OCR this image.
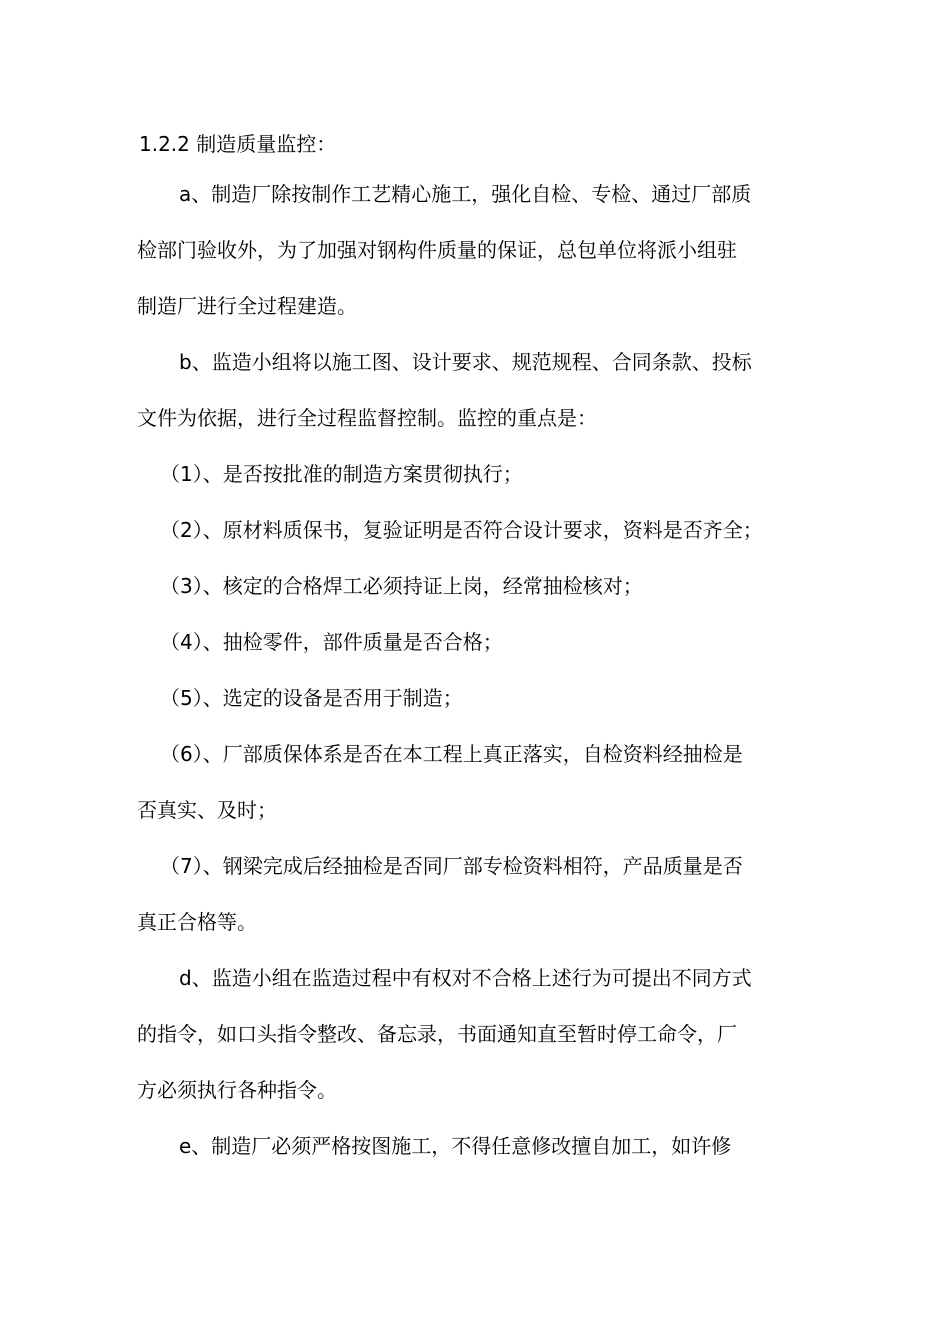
1.2.2 制造质量监控：
a、制造厂除按制作工艺精心施工，强化自检、专检、通过厂部质
检部门验收外，为了加强对钢构件质量的保证，总包单位将派小组驻
制造厂进行全过程建造。
b、监造小组将以施工图、设计要求、规范规程、合同条款、投标
文件为依据，进行全过程监督控制。监控的重点是：
（1）、是否按批准的制造方案贯彻执行；
（2）、原材料质保书，复验证明是否符合设计要求，资料是否齐全；
（3）、核定的合格焊工必须持证上岗，经常抽检核对；
（4）、抽检零件，部件质量是否合格；
（5）、选定的设备是否用于制造；
（6）、厂部质保体系是否在本工程上真正落实，自检资料经抽检是
否真实、及时；
（7）、钢梁完成后经抽检是否同厂部专检资料相符，产品质量是否
真正合格等。
d、监造小组在监造过程中有权对不合格上述行为可提出不同方式
的指令，如口头指令整改、备忘录，书面通知直至暂时停工命令，厂
方必须执行各种指令。
e、制造厂必须严格按图施工，不得任意修改擅自加工，如许修
